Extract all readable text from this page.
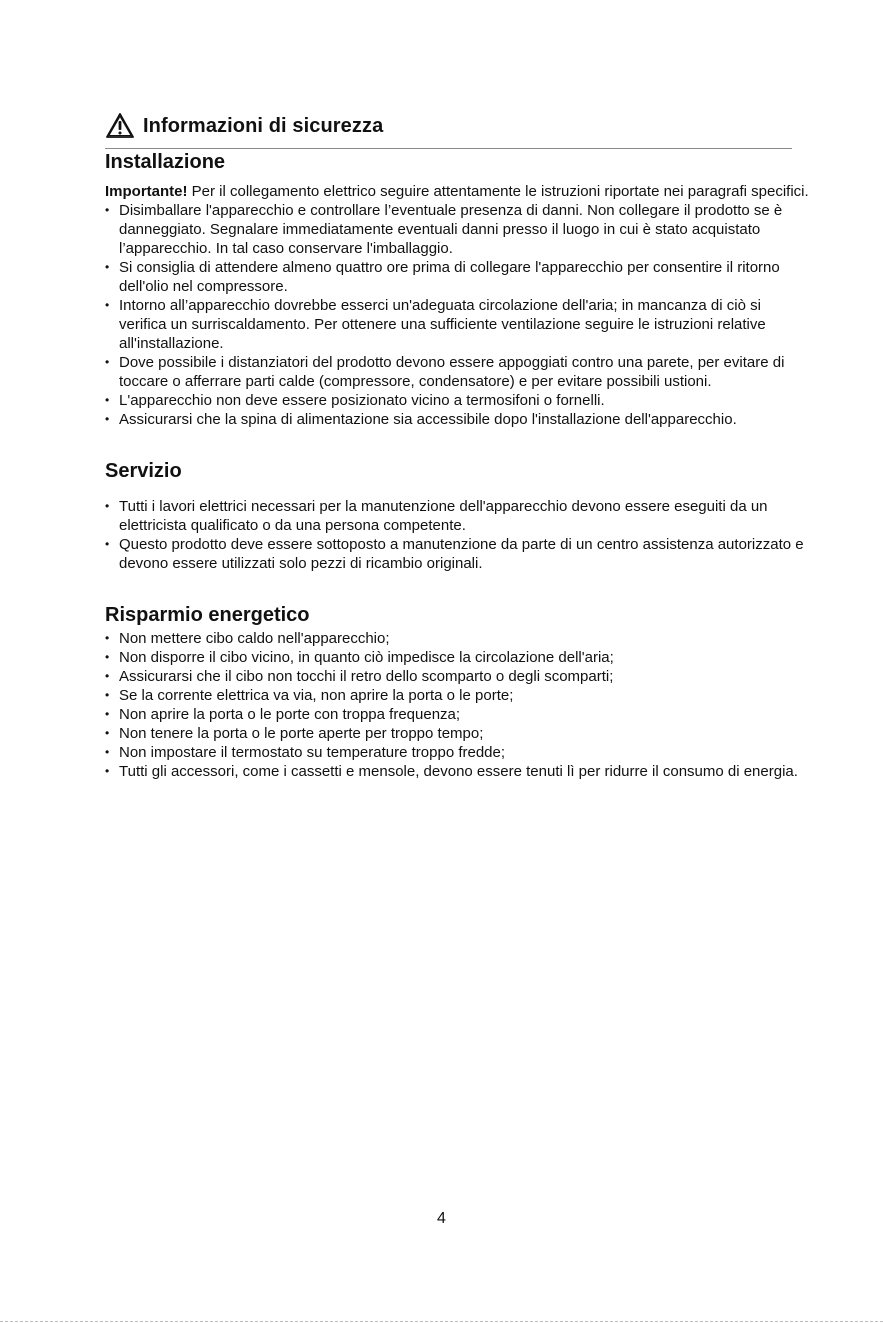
Informazioni di sicurezza
Installazione

Importante! Per il collegamento elettrico seguire attentamente le istruzioni riportate nei paragrafi specifici.

• Disimballare l'apparecchio e controllare l’eventuale presenza di danni. Non collegare il prodotto se è danneggiato. Segnalare immediatamente eventuali danni presso il luogo in cui è stato acquistato l’apparecchio. In tal caso conservare l'imballaggio.
• Si consiglia di attendere almeno quattro ore prima di collegare l'apparecchio per consentire il ritorno dell'olio nel compressore.
• Intorno all’apparecchio dovrebbe esserci un'adeguata circolazione dell'aria; in mancanza di ciò si verifica un surriscaldamento. Per ottenere una sufficiente ventilazione seguire le istruzioni relative all'installazione.
• Dove possibile i distanziatori del prodotto devono essere appoggiati contro una parete, per evitare di toccare o afferrare parti calde (compressore, condensatore) e per evitare possibili ustioni.
• L'apparecchio non deve essere posizionato vicino a termosifoni o fornelli.
• Assicurarsi che la spina di alimentazione sia accessibile dopo l'installazione dell'apparecchio.
Servizio
• Tutti i lavori elettrici necessari per la manutenzione dell'apparecchio devono essere eseguiti da un elettricista qualificato o da una persona competente.
• Questo prodotto deve essere sottoposto a manutenzione da parte di un centro assistenza autorizzato e devono essere utilizzati solo pezzi di ricambio originali.
Risparmio energetico
• Non mettere cibo caldo nell'apparecchio;
• Non disporre il cibo vicino, in quanto ciò impedisce la circolazione dell'aria;
• Assicurarsi che il cibo non tocchi il retro dello scomparto o degli scomparti;
• Se la corrente elettrica va via, non aprire la porta o le porte;
• Non aprire la porta o le porte con troppa frequenza;
• Non tenere la porta o le porte aperte per troppo tempo;
• Non impostare il termostato su temperature troppo fredde;
• Tutti gli accessori, come i cassetti e mensole, devono essere tenuti lì per ridurre il consumo di energia.
4
